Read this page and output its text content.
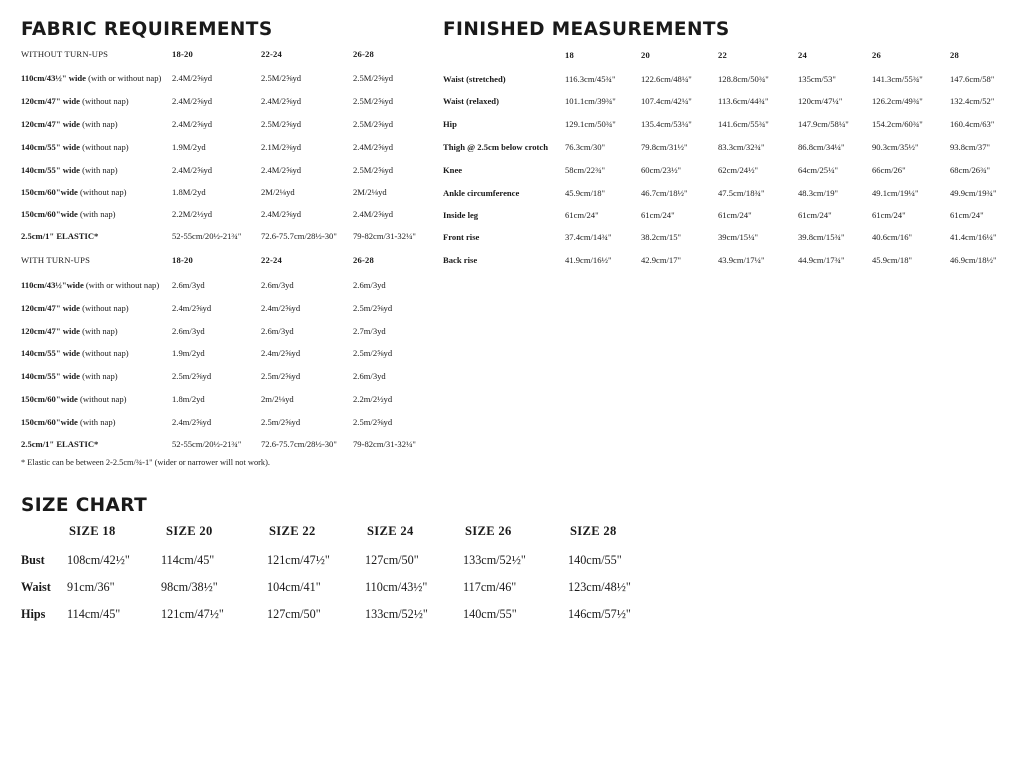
FABRIC REQUIREMENTS
WITHOUT TURN-UPS	18-20	22-24	26-28
110cm/43½" wide (with or without nap) 2.4M/2⅝yd	2.5M/2⅝yd	2.5M/2⅝yd
120cm/47" wide (without nap)	2.4M/2⅝yd	2.4M/2⅝yd	2.5M/2⅝yd
120cm/47" wide (with nap)	2.4M/2⅝yd	2.5M/2⅝yd	2.5M/2⅝yd
140cm/55" wide (without nap)	1.9M/2yd	2.1M/2⅜yd	2.4M/2⅝yd
140cm/55" wide (with nap)	2.4M/2⅝yd	2.4M/2⅝yd	2.5M/2⅝yd
150cm/60"wide (without nap)	1.8M/2yd	2M/2⅛yd	2M/2⅛yd
150cm/60"wide (with nap)	2.2M/2½yd	2.4M/2⅝yd	2.4M/2⅝yd
2.5cm/1" ELASTIC*	52-55cm/20½-21¾" 72.6-75.7cm/28½-30" 79-82cm/31-32¼"
WITH TURN-UPS	18-20	22-24	26-28
110cm/43½"wide (with or without nap) 2.6m/3yd	2.6m/3yd	2.6m/3yd
120cm/47" wide (without nap)	2.4m/2⅝yd	2.4m/2⅝yd	2.5m/2⅝yd
120cm/47" wide (with nap)	2.6m/3yd	2.6m/3yd	2.7m/3yd
140cm/55" wide (without nap)	1.9m/2yd	2.4m/2⅝yd	2.5m/2⅝yd
140cm/55" wide (with nap)	2.5m/2⅝yd	2.5m/2⅝yd	2.6m/3yd
150cm/60"wide (without nap)	1.8m/2yd	2m/2⅛yd	2.2m/2½yd
150cm/60"wide (with nap)	2.4m/2⅝yd	2.5m/2⅝yd	2.5m/2⅝yd
2.5cm/1" ELASTIC*	52-55cm/20½-21¾" 72.6-75.7cm/28½-30" 79-82cm/31-32¼"
* Elastic can be between 2-2.5cm/¾-1" (wider or narrower will not work).
FINISHED MEASUREMENTS
18	20	22	24	26	28
Waist (stretched)	116.3cm/45¾"	122.6cm/48¼"	128.8cm/50¾"	135cm/53"	141.3cm/55¾"	147.6cm/58"
Waist (relaxed)	101.1cm/39¾"	107.4cm/42¼"	113.6cm/44¾"	120cm/47¼"	126.2cm/49¾"	132.4cm/52"
Hip	129.1cm/50¾"	135.4cm/53¼"	141.6cm/55¾"	147.9cm/58¼"	154.2cm/60¾"	160.4cm/63"
Thigh @ 2.5cm below crotch 76.3cm/30"	79.8cm/31½"	83.3cm/32¾"	86.8cm/34¼"	90.3cm/35½"	93.8cm/37"
Knee	58cm/22¾"	60cm/23½"	62cm/24½"	64cm/25¼"	66cm/26"	68cm/26¾"
Ankle circumference	45.9cm/18"	46.7cm/18½"	47.5cm/18¾"	48.3cm/19"	49.1cm/19¼"	49.9cm/19¾"
Inside leg	61cm/24"	61cm/24"	61cm/24"	61cm/24"	61cm/24"	61cm/24"
Front rise	37.4cm/14¾"	38.2cm/15"	39cm/15¼"	39.8cm/15¾"	40.6cm/16"	41.4cm/16¼"
Back rise	41.9cm/16½"	42.9cm/17"	43.9cm/17¼"	44.9cm/17¾"	45.9cm/18"	46.9cm/18½"
SIZE CHART
SIZE 18	SIZE 20	SIZE 22	SIZE 24	SIZE 26	SIZE 28
Bust 108cm/42½"	114cm/45"	121cm/47½"	127cm/50"	133cm/52½"	140cm/55"
Waist 91cm/36"	98cm/38½"	104cm/41"	110cm/43½"	117cm/46"	123cm/48½"
Hips 114cm/45"	121cm/47½"	127cm/50"	133cm/52½"	140cm/55"	146cm/57½"
